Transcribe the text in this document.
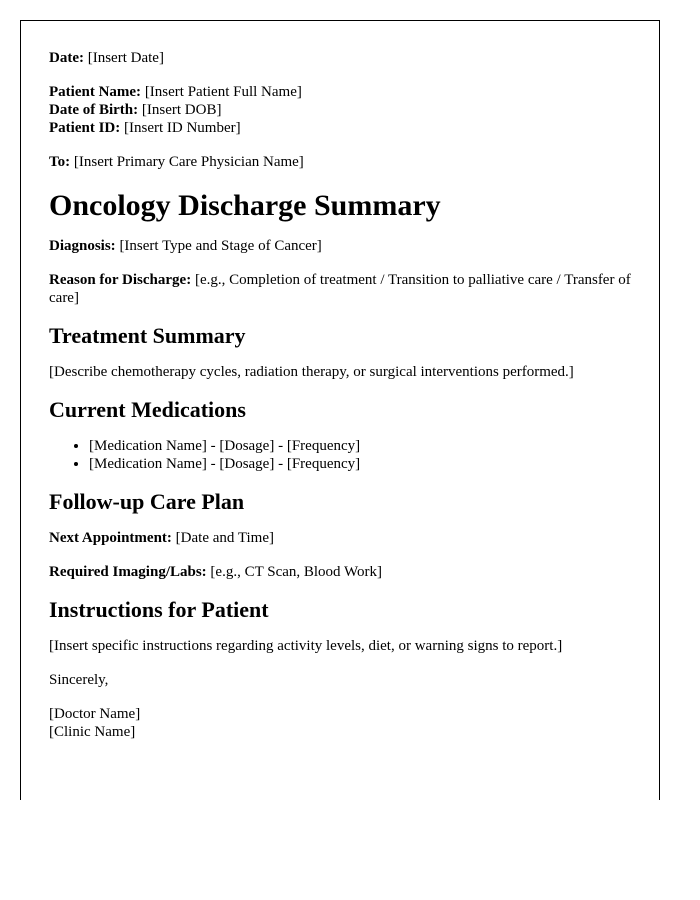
Date: [Insert Date]

Patient Name: [Insert Patient Full Name]

Date of Birth: [Insert DOB]

Patient ID: [Insert ID Number]

To: [Insert Primary Care Physician Name]

Oncology Discharge Summary

Diagnosis: [Insert Type and Stage of Cancer]

Reason for Discharge: [e.g., Completion of treatment / Transition to palliative care / Transfer of care]

Treatment Summary

[Describe chemotherapy cycles, radiation therapy, or surgical interventions performed.]

Current Medications
• [Medication Name] - [Dosage] - [Frequency]
• [Medication Name] - [Dosage] - [Frequency]
Follow-up Care Plan

Next Appointment: [Date and Time]

Required Imaging/Labs: [e.g., CT Scan, Blood Work]

Instructions for Patient

[Insert specific instructions regarding activity levels, diet, or warning signs to report.]

Sincerely,

[Doctor Name]

[Clinic Name]
